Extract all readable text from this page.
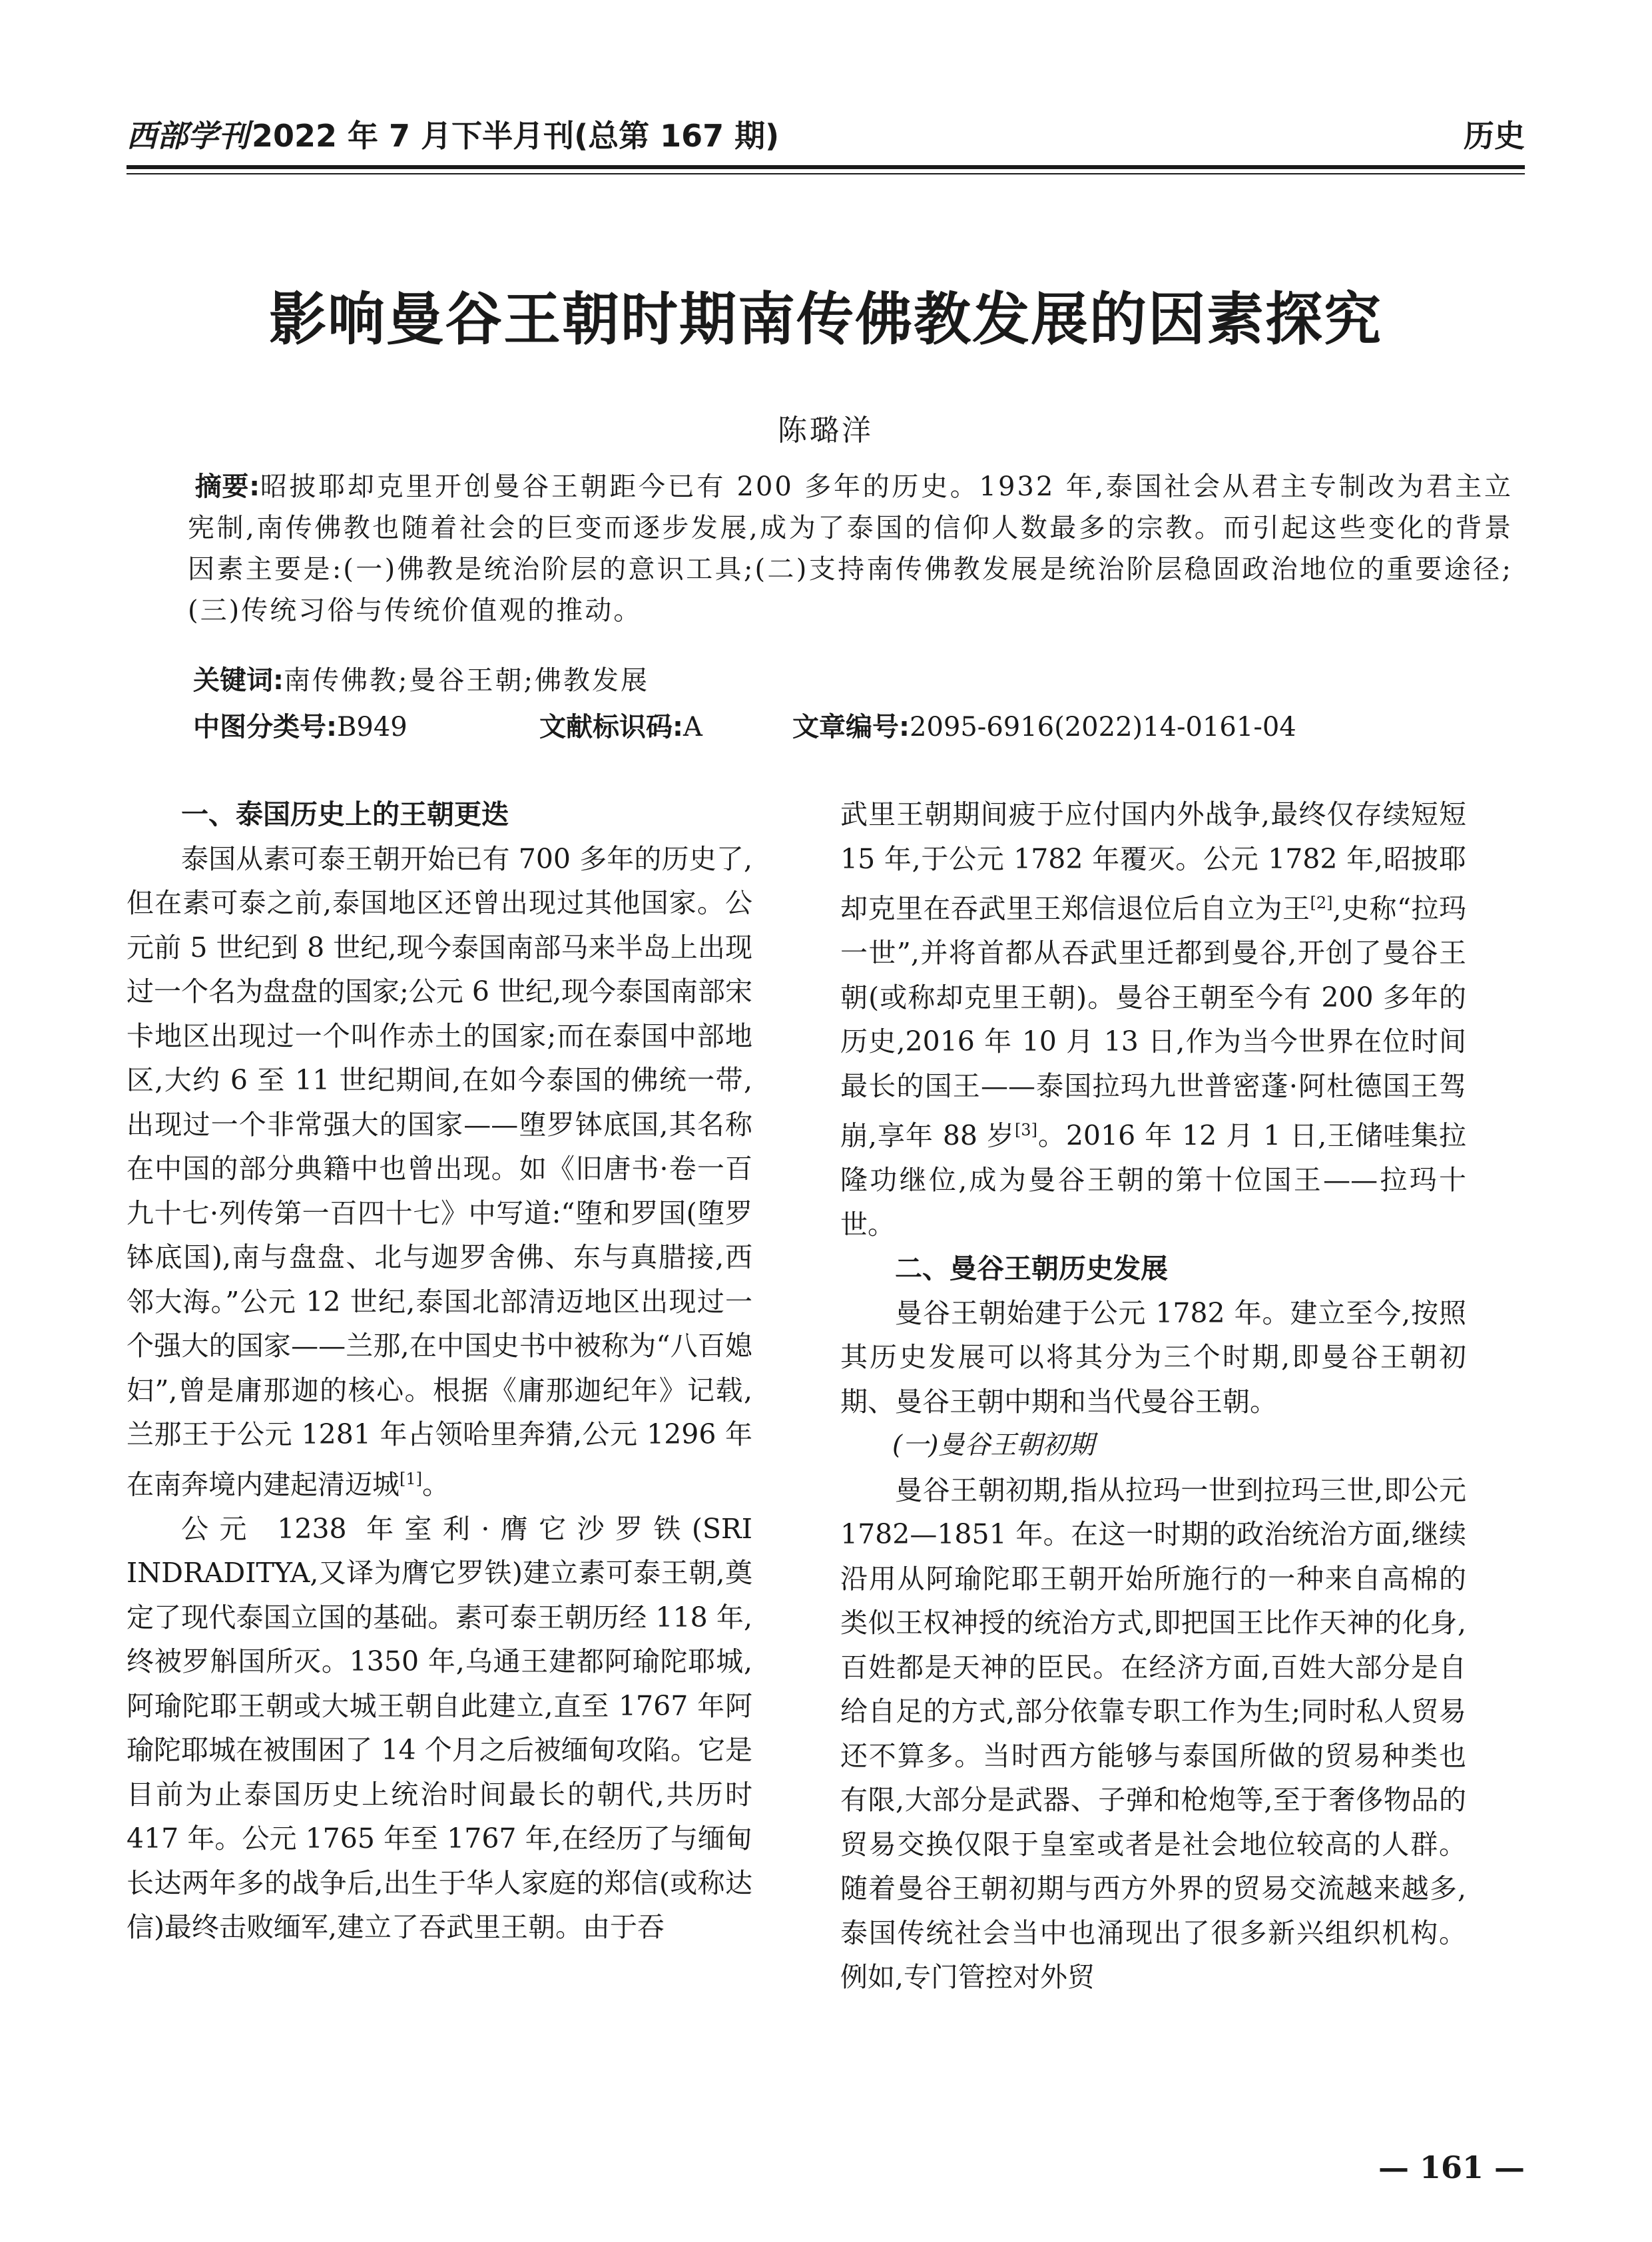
西部学刊2022 年 7 月下半月刊(总第 167 期)	历史
影响曼谷王朝时期南传佛教发展的因素探究
陈璐洋
摘要:昭披耶却克里开创曼谷王朝距今已有 200 多年的历史。1932 年,泰国社会从君主专制改为君主立宪制,南传佛教也随着社会的巨变而逐步发展,成为了泰国的信仰人数最多的宗教。而引起这些变化的背景因素主要是:(一)佛教是统治阶层的意识工具;(二)支持南传佛教发展是统治阶层稳固政治地位的重要途径;(三)传统习俗与传统价值观的推动。
关键词:南传佛教;曼谷王朝;佛教发展
中图分类号:B949	文献标识码:A	文章编号:2095-6916(2022)14-0161-04
一、泰国历史上的王朝更迭

泰国从素可泰王朝开始已有 700 多年的历史了,但在素可泰之前,泰国地区还曾出现过其他国家。公元前 5 世纪到 8 世纪,现今泰国南部马来半岛上出现过一个名为盘盘的国家;公元 6 世纪,现今泰国南部宋卡地区出现过一个叫作赤土的国家;而在泰国中部地区,大约 6 至 11 世纪期间,在如今泰国的佛统一带,出现过一个非常强大的国家——堕罗钵底国,其名称在中国的部分典籍中也曾出现。如《旧唐书·卷一百九十七·列传第一百四十七》中写道:“堕和罗国(堕罗钵底国),南与盘盘、北与迦罗舍佛、东与真腊接,西邻大海。”公元 12 世纪,泰国北部清迈地区出现过一个强大的国家——兰那,在中国史书中被称为“八百媳妇”,曾是庸那迦的核心。根据《庸那迦纪年》记载,兰那王于公元 1281 年占领哈里奔猜,公元 1296 年在南奔境内建起清迈城[1]。

公元 1238 年室利·膺它沙罗铁(SRI INDRADITYA,又译为膺它罗铁)建立素可泰王朝,奠定了现代泰国立国的基础。素可泰王朝历经 118 年,终被罗斛国所灭。1350 年,乌通王建都阿瑜陀耶城,阿瑜陀耶王朝或大城王朝自此建立,直至 1767 年阿瑜陀耶城在被围困了 14 个月之后被缅甸攻陷。它是目前为止泰国历史上统治时间最长的朝代,共历时 417 年。公元 1765 年至 1767 年,在经历了与缅甸长达两年多的战争后,出生于华人家庭的郑信(或称达信)最终击败缅军,建立了吞武里王朝。由于吞

武里王朝期间疲于应付国内外战争,最终仅存续短短 15 年,于公元 1782 年覆灭。公元 1782 年,昭披耶却克里在吞武里王郑信退位后自立为王[2],史称“拉玛一世”,并将首都从吞武里迁都到曼谷,开创了曼谷王朝(或称却克里王朝)。曼谷王朝至今有 200 多年的历史,2016 年 10 月 13 日,作为当今世界在位时间最长的国王——泰国拉玛九世普密蓬·阿杜德国王驾崩,享年 88 岁[3]。2016 年 12 月 1 日,王储哇集拉隆功继位,成为曼谷王朝的第十位国王——拉玛十世。

二、曼谷王朝历史发展

曼谷王朝始建于公元 1782 年。建立至今,按照其历史发展可以将其分为三个时期,即曼谷王朝初期、曼谷王朝中期和当代曼谷王朝。

(一)曼谷王朝初期

曼谷王朝初期,指从拉玛一世到拉玛三世,即公元 1782—1851 年。在这一时期的政治统治方面,继续沿用从阿瑜陀耶王朝开始所施行的一种来自高棉的类似王权神授的统治方式,即把国王比作天神的化身,百姓都是天神的臣民。在经济方面,百姓大部分是自给自足的方式,部分依靠专职工作为生;同时私人贸易还不算多。当时西方能够与泰国所做的贸易种类也有限,大部分是武器、子弹和枪炮等,至于奢侈物品的贸易交换仅限于皇室或者是社会地位较高的人群。随着曼谷王朝初期与西方外界的贸易交流越来越多,泰国传统社会当中也涌现出了很多新兴组织机构。例如,专门管控对外贸

— 161 —
